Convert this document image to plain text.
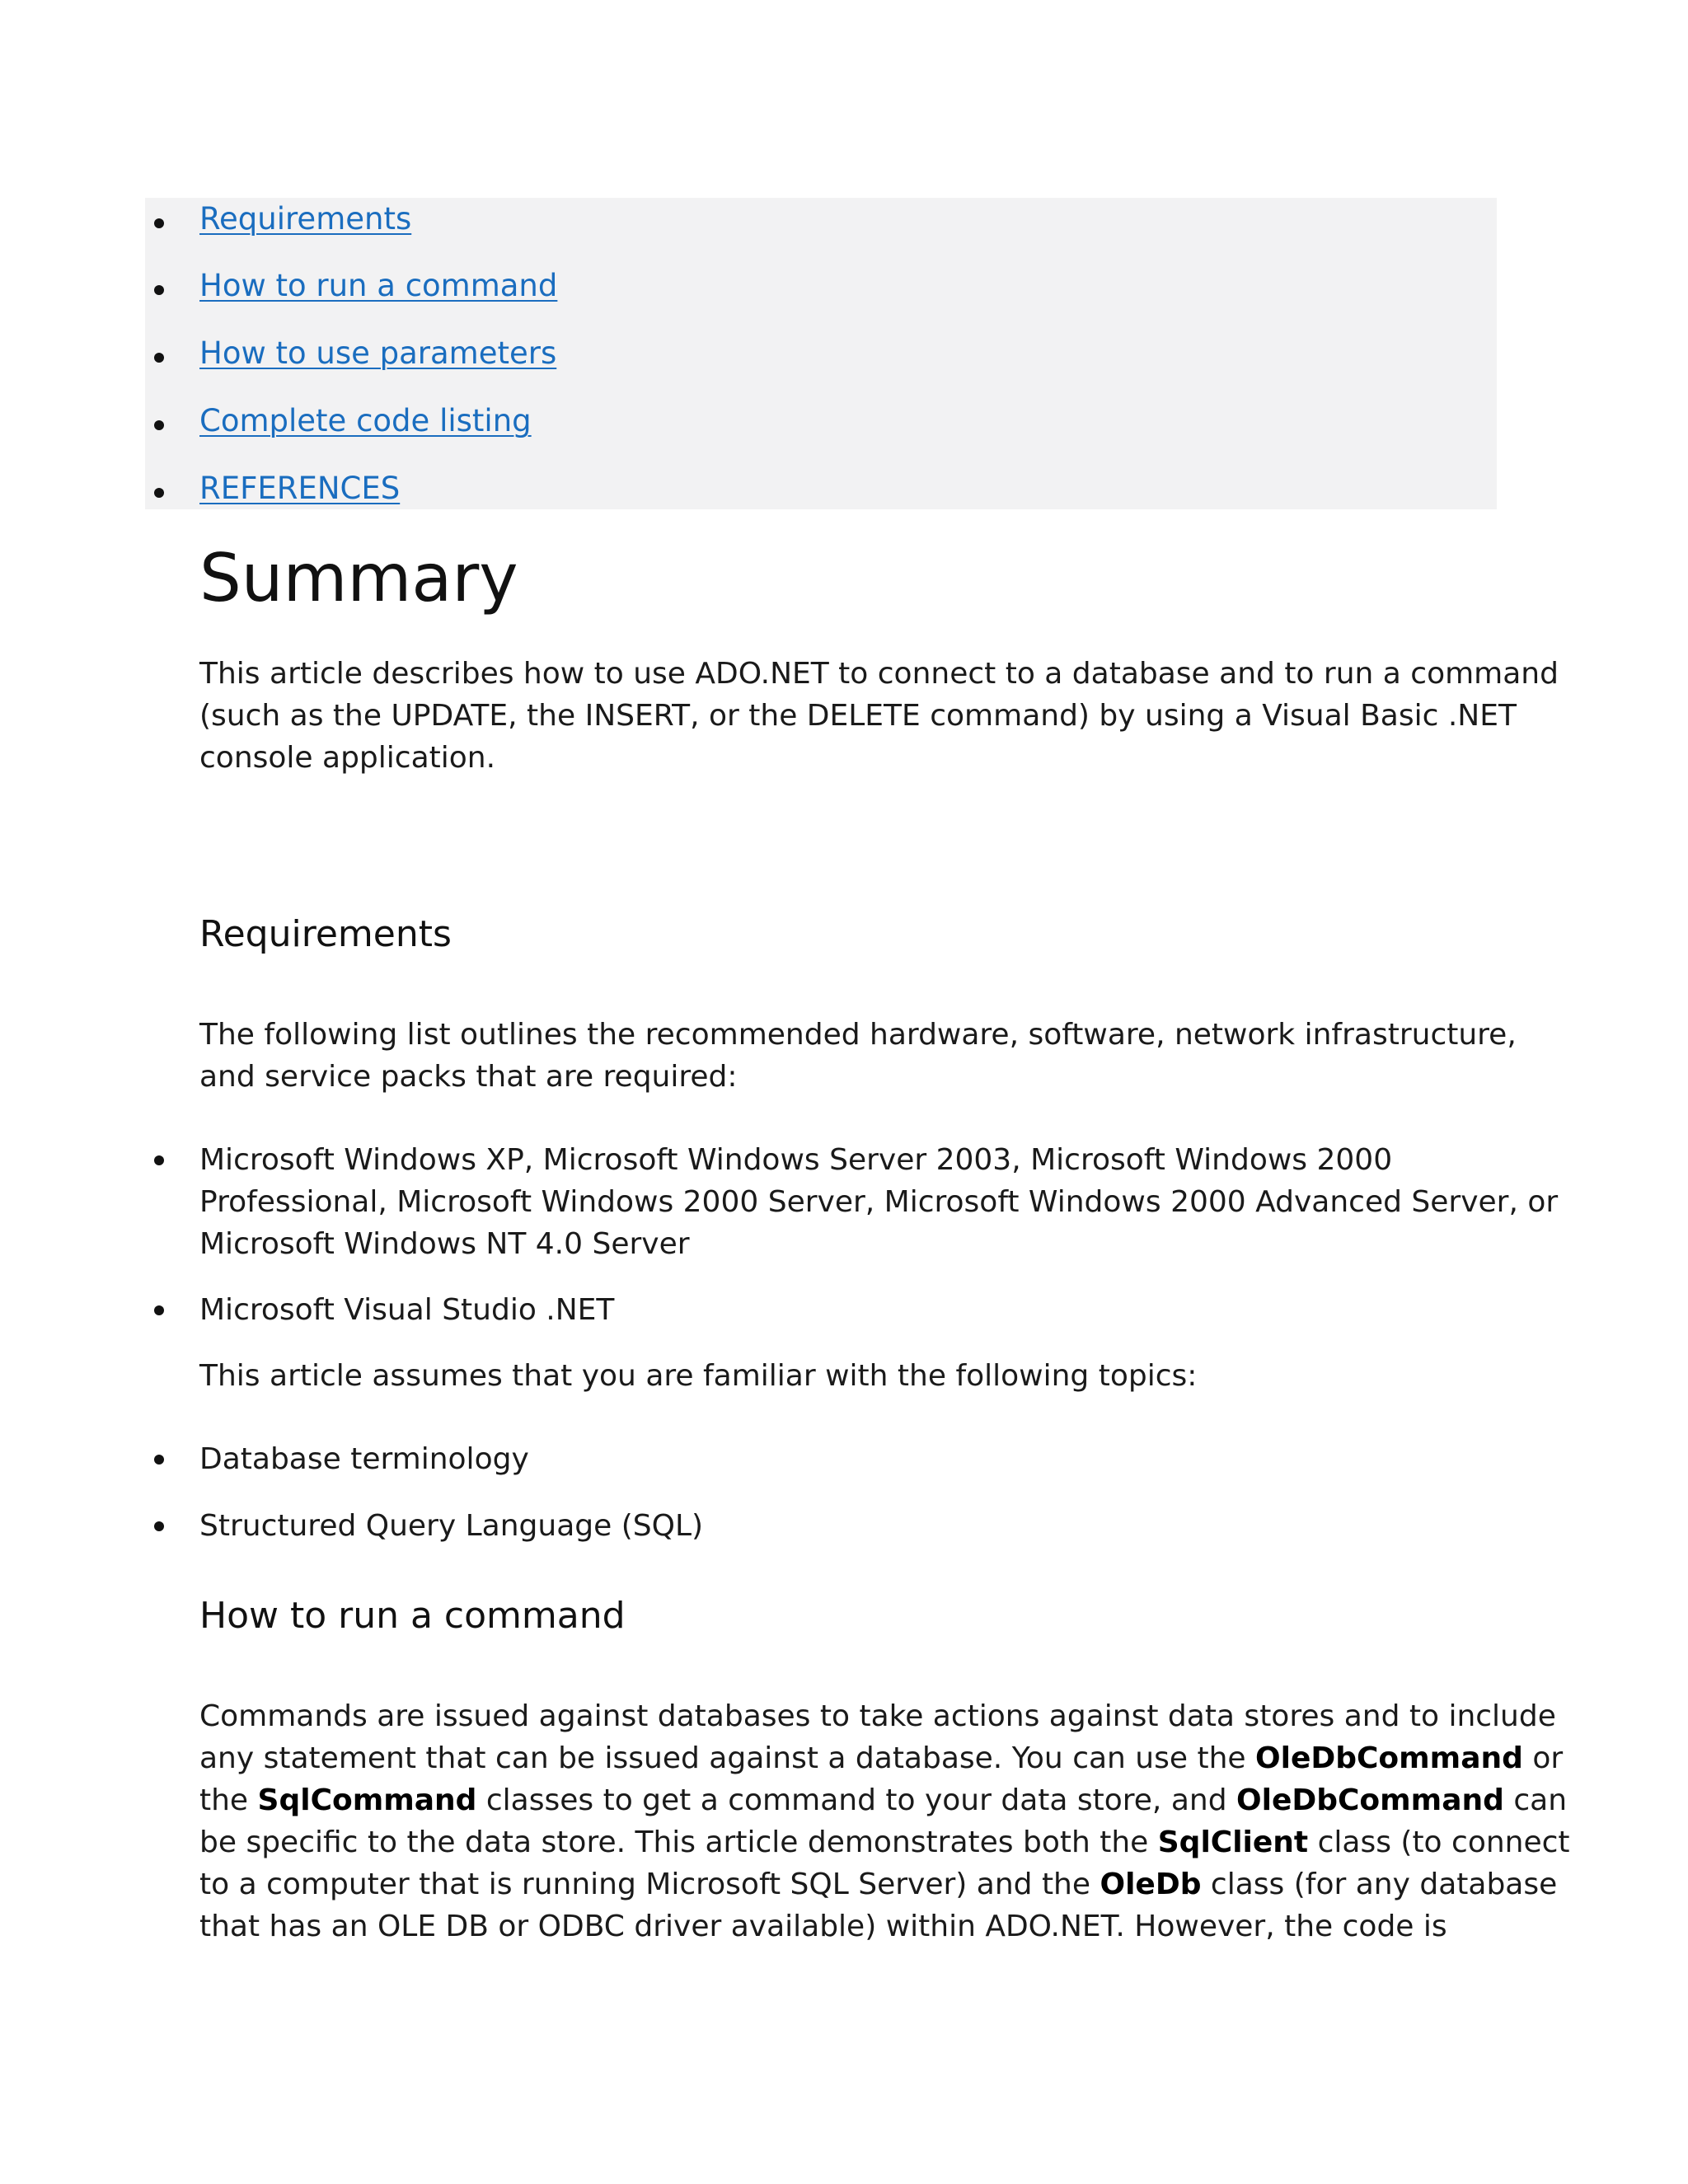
Requirements
How to run a command
How to use parameters
Complete code listing
REFERENCES
Summary

This article describes how to use ADO.NET to connect to a database and to run a command
(such as the UPDATE, the INSERT, or the DELETE command) by using a Visual Basic .NET
console application.

Requirements

The following list outlines the recommended hardware, software, network infrastructure,
and service packs that are required:

Microsoft Windows XP, Microsoft Windows Server 2003, Microsoft Windows 2000
Professional, Microsoft Windows 2000 Server, Microsoft Windows 2000 Advanced Server, or
Microsoft Windows NT 4.0 Server
Microsoft Visual Studio .NET

This article assumes that you are familiar with the following topics:

Database terminology
Structured Query Language (SQL)
How to run a command

Commands are issued against databases to take actions against data stores and to include
any statement that can be issued against a database. You can use the OleDbCommand or
the SqlCommand classes to get a command to your data store, and OleDbCommand can
be specific to the data store. This article demonstrates both the SqlClient class (to connect
to a computer that is running Microsoft SQL Server) and the OleDb class (for any database
that has an OLE DB or ODBC driver available) within ADO.NET. However, the code is
